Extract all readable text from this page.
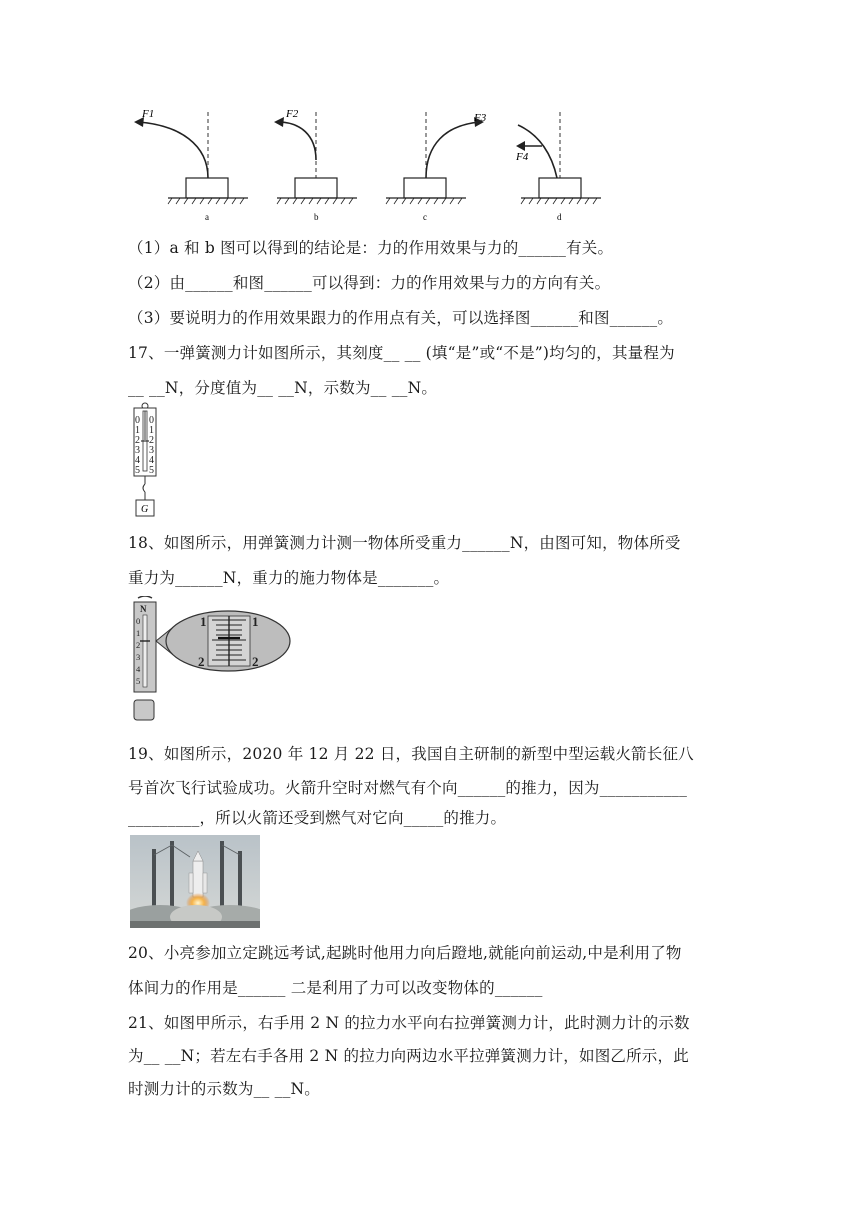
F1
a
F2
b
F3
c
F4
d
（1）a 和 b 图可以得到的结论是：力的作用效果与力的______有关。
（2）由______和图______可以得到：力的作用效果与力的方向有关。
（3）要说明力的作用效果跟力的作用点有关，可以选择图______和图______。
17、一弹簧测力计如图所示，其刻度__ __ (填“是”或“不是”)均匀的，其量程为
__ __N，分度值为__ __N，示数为__ __N。
0
1
2
3
4
5
0
1
2
3
4
5
G
18、如图所示，用弹簧测力计测一物体所受重力______N，由图可知，物体所受
重力为______N，重力的施力物体是_______。
N
0
1
2
3
4
5
1	1
2	2
19、如图所示，2020 年 12 月 22 日，我国自主研制的新型中型运载火箭长征八
号首次飞行试验成功。火箭升空时对燃气有个向______的推力，因为___________
_________，所以火箭还受到燃气对它向_____的推力。
20、小亮参加立定跳远考试,起跳时他用力向后蹬地,就能向前运动,中是利用了物
体间力的作用是______ 二是利用了力可以改变物体的______
21、如图甲所示，右手用 2 N 的拉力水平向右拉弹簧测力计，此时测力计的示数
为__ __N；若左右手各用 2 N 的拉力向两边水平拉弹簧测力计，如图乙所示，此
时测力计的示数为__ __N。
